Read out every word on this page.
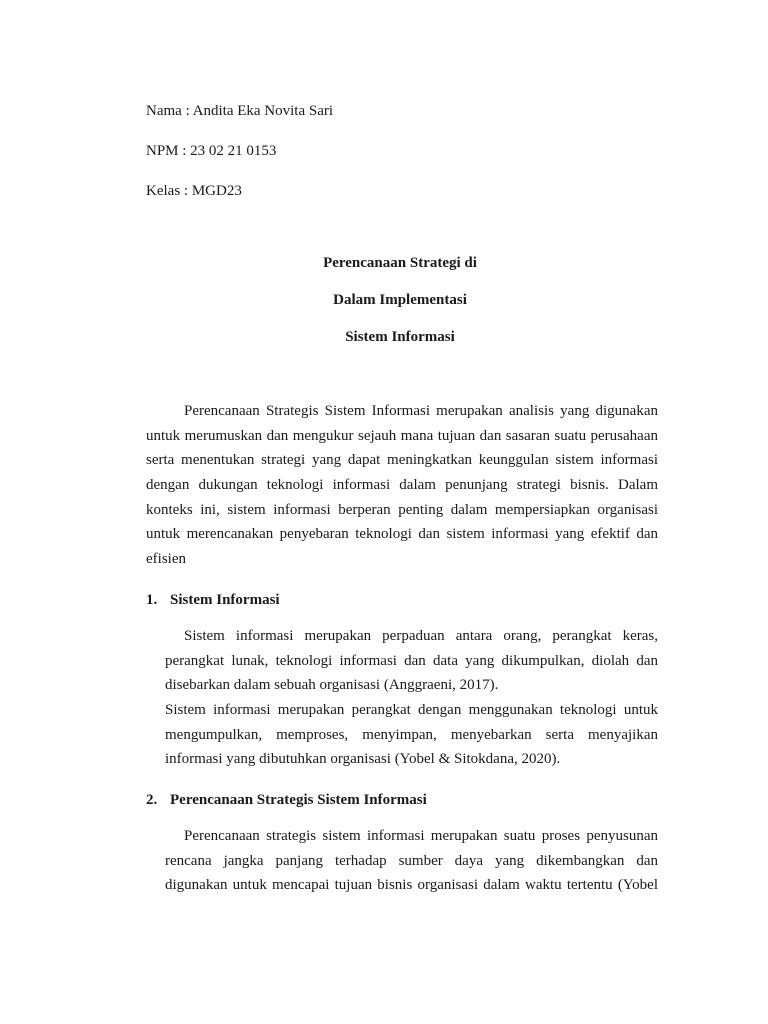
Nama : Andita Eka Novita Sari
NPM : 23 02 21 0153
Kelas : MGD23
Perencanaan Strategi di
Dalam Implementasi
Sistem Informasi
Perencanaan Strategis Sistem Informasi merupakan analisis yang digunakan
untuk merumuskan dan mengukur sejauh mana tujuan dan sasaran suatu perusahaan
serta menentukan strategi yang dapat meningkatkan keunggulan sistem informasi
dengan dukungan teknologi informasi dalam penunjang strategi bisnis. Dalam
konteks ini, sistem informasi berperan penting dalam mempersiapkan organisasi
untuk merencanakan penyebaran teknologi dan sistem informasi yang efektif dan
efisien
1. Sistem Informasi
Sistem informasi merupakan perpaduan antara orang, perangkat keras,
perangkat lunak, teknologi informasi dan data yang dikumpulkan, diolah dan
disebarkan dalam sebuah organisasi (Anggraeni, 2017).
Sistem informasi merupakan perangkat dengan menggunakan teknologi untuk
mengumpulkan, memproses, menyimpan, menyebarkan serta menyajikan
informasi yang dibutuhkan organisasi (Yobel & Sitokdana, 2020).
2. Perencanaan Strategis Sistem Informasi
Perencanaan strategis sistem informasi merupakan suatu proses penyusunan
rencana jangka panjang terhadap sumber daya yang dikembangkan dan
digunakan untuk mencapai tujuan bisnis organisasi dalam waktu tertentu (Yobel
